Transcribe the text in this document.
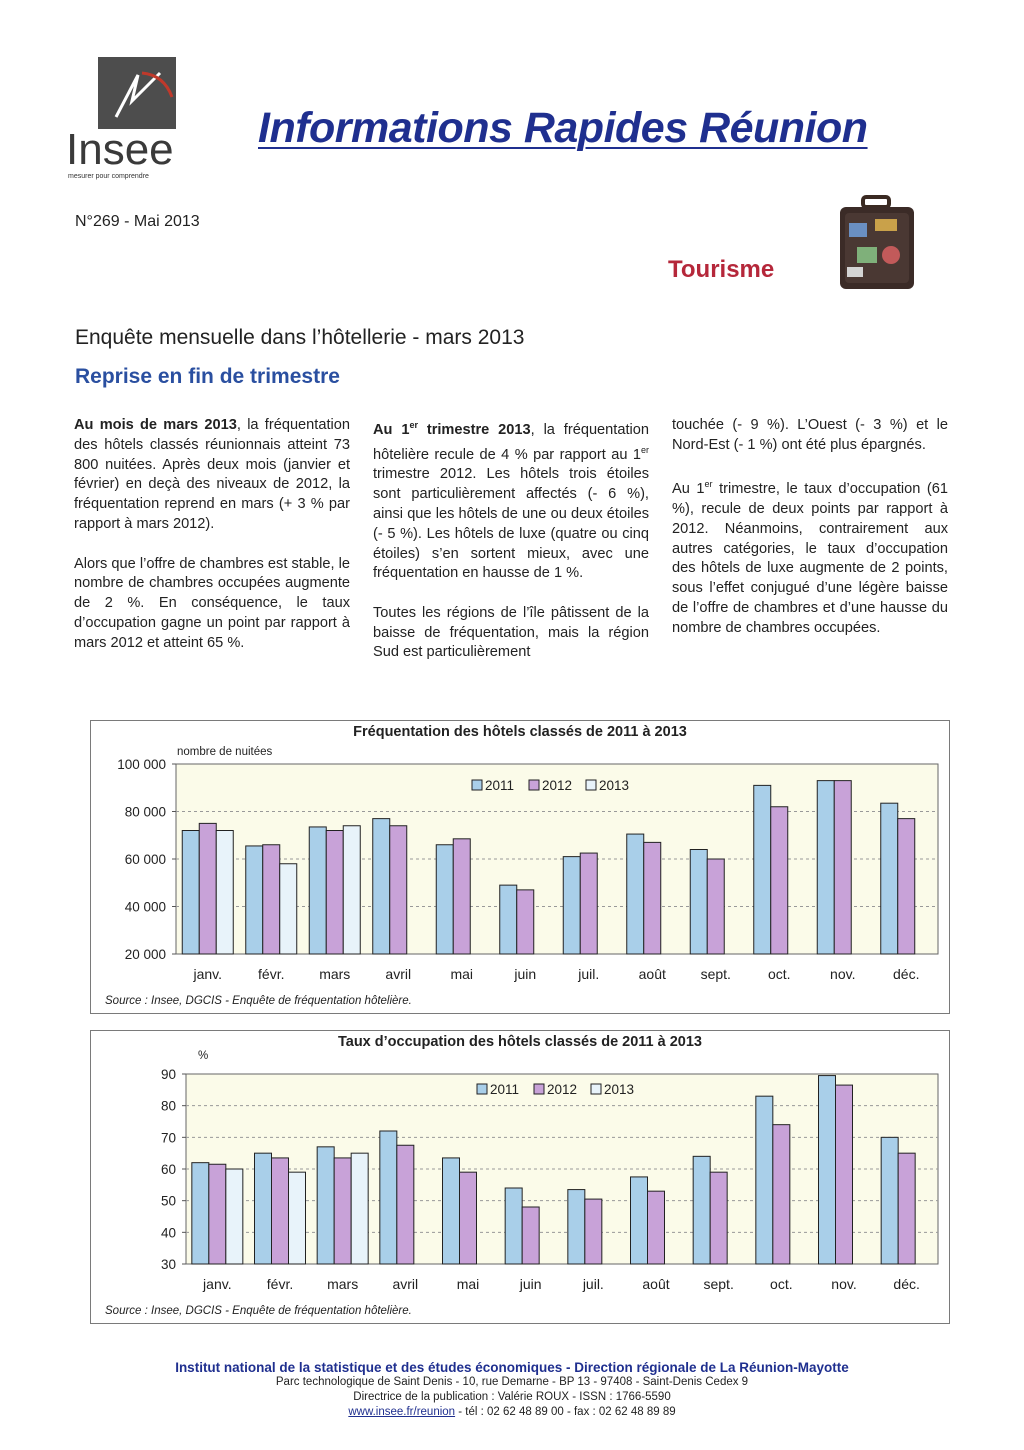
Insee
mesurer pour comprendre
Informations Rapides Réunion
N°269 - Mai 2013
Tourisme
Enquête mensuelle dans l’hôtellerie - mars 2013
Reprise en fin de trimestre

Au mois de mars 2013, la fréquentation des hôtels classés réunionnais atteint 73 800 nuitées. Après deux mois (janvier et février) en deçà des niveaux de 2012, la fréquentation reprend en mars (+ 3 % par rapport à mars 2012).

Alors que l’offre de chambres est stable, le nombre de chambres occupées augmente de 2 %. En conséquence, le taux d’occupation gagne un point par rapport à mars 2012 et atteint 65 %.

Au 1er trimestre 2013, la fréquentation hôtelière recule de 4 % par rapport au 1er trimestre 2012. Les hôtels trois étoiles sont particulièrement affectés (- 6 %), ainsi que les hôtels de une ou deux étoiles (- 5 %). Les hôtels de luxe (quatre ou cinq étoiles) s’en sortent mieux, avec une fréquentation en hausse de 1 %.

Toutes les régions de l’île pâtissent de la baisse de fréquentation, mais la région Sud est particulièrement

touchée (- 9 %). L’Ouest (- 3 %) et le Nord-Est (- 1 %) ont été plus épargnés.

Au 1er trimestre, le taux d’occupation (61 %), recule de deux points par rapport à 2012. Néanmoins, contrairement aux autres catégories, le taux d’occupation des hôtels de luxe augmente de 2 points, sous l’effet conjugué d’une légère baisse de l’offre de chambres et d’une hausse du nombre de chambres occupées.

Fréquentation des hôtels classés de 2011 à 2013
20 000
40 000
60 000
80 000
100 000
nombre de nuitées
janv.	févr. mars	avril	mai	juin	juil.	août sept.	oct.	nov.	déc.
2011 2012 2013
Source : Insee, DGCIS - Enquête de fréquentation hôtelière.
Taux d’occupation des hôtels classés de 2011 à 2013
30
40
50
60
70
80
90
%
janv.	févr. mars avril	mai	juin	juil.	août sept.	oct.	nov.	déc.
2011 2012 2013
Source : Insee, DGCIS - Enquête de fréquentation hôtelière.
Institut national de la statistique et des études économiques - Direction régionale de La Réunion-Mayotte
Parc technologique de Saint Denis - 10, rue Demarne - BP 13 - 97408 - Saint-Denis Cedex 9
Directrice de la publication : Valérie ROUX - ISSN : 1766-5590
www.insee.fr/reunion - tél : 02 62 48 89 00 - fax : 02 62 48 89 89
